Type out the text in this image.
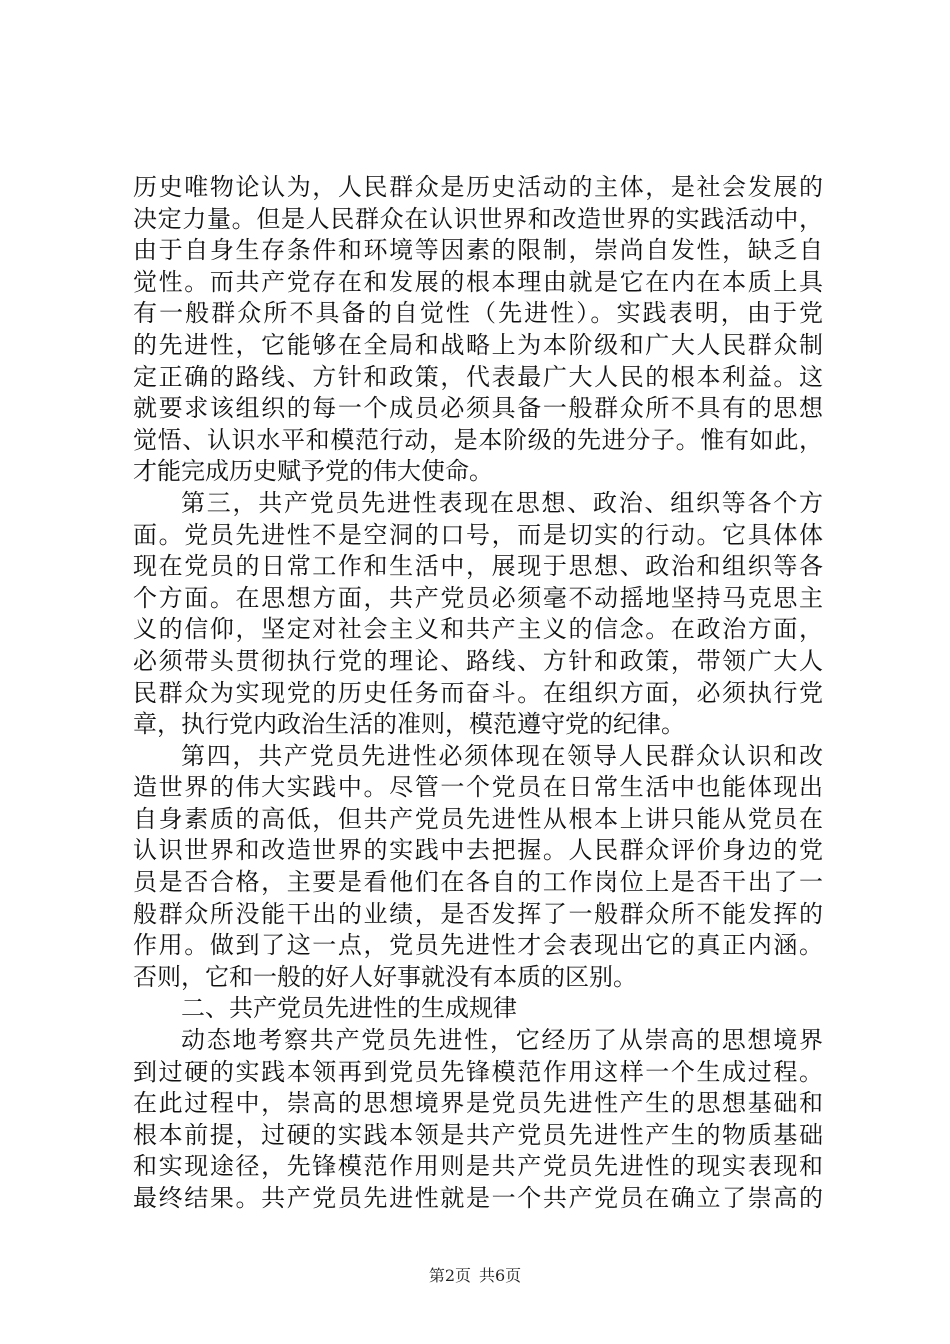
历史唯物论认为，人民群众是历史活动的主体，是社会发展的
决定力量。但是人民群众在认识世界和改造世界的实践活动中，
由于自身生存条件和环境等因素的限制，崇尚自发性，缺乏自
觉性。而共产党存在和发展的根本理由就是它在内在本质上具
有一般群众所不具备的自觉性（先进性）。实践表明，由于党
的先进性，它能够在全局和战略上为本阶级和广大人民群众制
定正确的路线、方针和政策，代表最广大人民的根本利益。这
就要求该组织的每一个成员必须具备一般群众所不具有的思想
觉悟、认识水平和模范行动，是本阶级的先进分子。惟有如此，
才能完成历史赋予党的伟大使命。
第三，共产党员先进性表现在思想、政治、组织等各个方
面。党员先进性不是空洞的口号，而是切实的行动。它具体体
现在党员的日常工作和生活中，展现于思想、政治和组织等各
个方面。在思想方面，共产党员必须毫不动摇地坚持马克思主
义的信仰，坚定对社会主义和共产主义的信念。在政治方面，
必须带头贯彻执行党的理论、路线、方针和政策，带领广大人
民群众为实现党的历史任务而奋斗。在组织方面，必须执行党
章，执行党内政治生活的准则，模范遵守党的纪律。
第四，共产党员先进性必须体现在领导人民群众认识和改
造世界的伟大实践中。尽管一个党员在日常生活中也能体现出
自身素质的高低，但共产党员先进性从根本上讲只能从党员在
认识世界和改造世界的实践中去把握。人民群众评价身边的党
员是否合格，主要是看他们在各自的工作岗位上是否干出了一
般群众所没能干出的业绩，是否发挥了一般群众所不能发挥的
作用。做到了这一点，党员先进性才会表现出它的真正内涵。
否则，它和一般的好人好事就没有本质的区别。
二、共产党员先进性的生成规律
动态地考察共产党员先进性，它经历了从崇高的思想境界
到过硬的实践本领再到党员先锋模范作用这样一个生成过程。
在此过程中，崇高的思想境界是党员先进性产生的思想基础和
根本前提，过硬的实践本领是共产党员先进性产生的物质基础
和实现途径，先锋模范作用则是共产党员先进性的现实表现和
最终结果。共产党员先进性就是一个共产党员在确立了崇高的
第2页 共6页
